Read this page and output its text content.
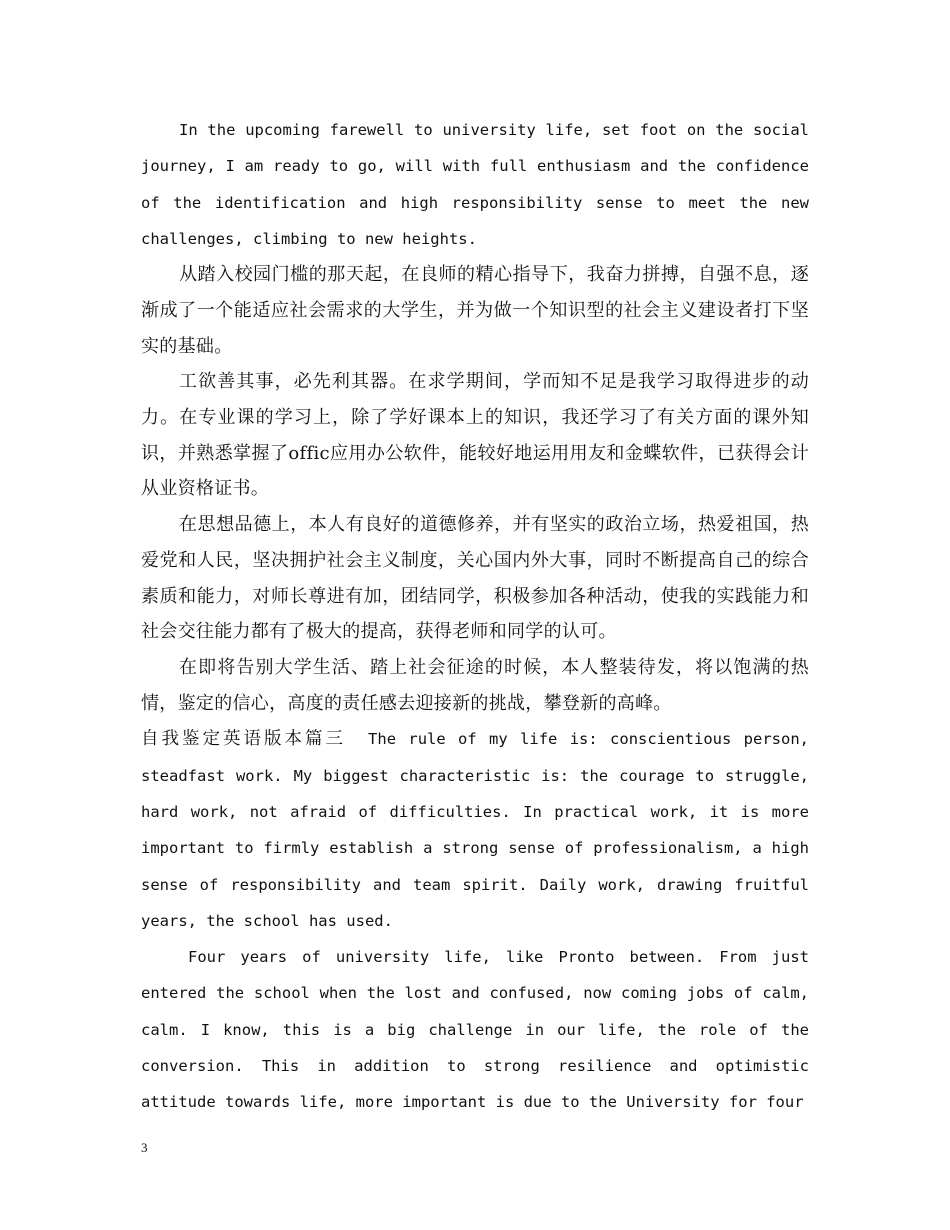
In the upcoming farewell to university life, set foot on the social journey, I am ready to go, will with full enthusiasm and the confidence of the identification and high responsibility sense to meet the new challenges, climbing to new heights.

从踏入校园门槛的那天起，在良师的精心指导下，我奋力拼搏，自强不息，逐渐成了一个能适应社会需求的大学生，并为做一个知识型的社会主义建设者打下坚实的基础。

工欲善其事，必先利其器。在求学期间，学而知不足是我学习取得进步的动力。在专业课的学习上，除了学好课本上的知识，我还学习了有关方面的课外知识，并熟悉掌握了offic应用办公软件，能较好地运用用友和金蝶软件，已获得会计从业资格证书。

在思想品德上，本人有良好的道德修养，并有坚实的政治立场，热爱祖国，热爱党和人民，坚决拥护社会主义制度，关心国内外大事，同时不断提高自己的综合素质和能力，对师长尊进有加，团结同学，积极参加各种活动，使我的实践能力和社会交往能力都有了极大的提高，获得老师和同学的认可。

在即将告别大学生活、踏上社会征途的时候，本人整装待发，将以饱满的热情，鉴定的信心，高度的责任感去迎接新的挑战，攀登新的高峰。

自我鉴定英语版本篇三 The rule of my life is: conscientious person, steadfast work. My biggest characteristic is: the courage to struggle, hard work, not afraid of difficulties. In practical work, it is more important to firmly establish a strong sense of professionalism, a high sense of responsibility and team spirit. Daily work, drawing fruitful years, the school has used.

Four years of university life, like Pronto between. From just entered the school when the lost and confused, now coming jobs of calm, calm. I know, this is a big challenge in our life, the role of the conversion. This in addition to strong resilience and optimistic attitude towards life, more important is due to the University for four

3
